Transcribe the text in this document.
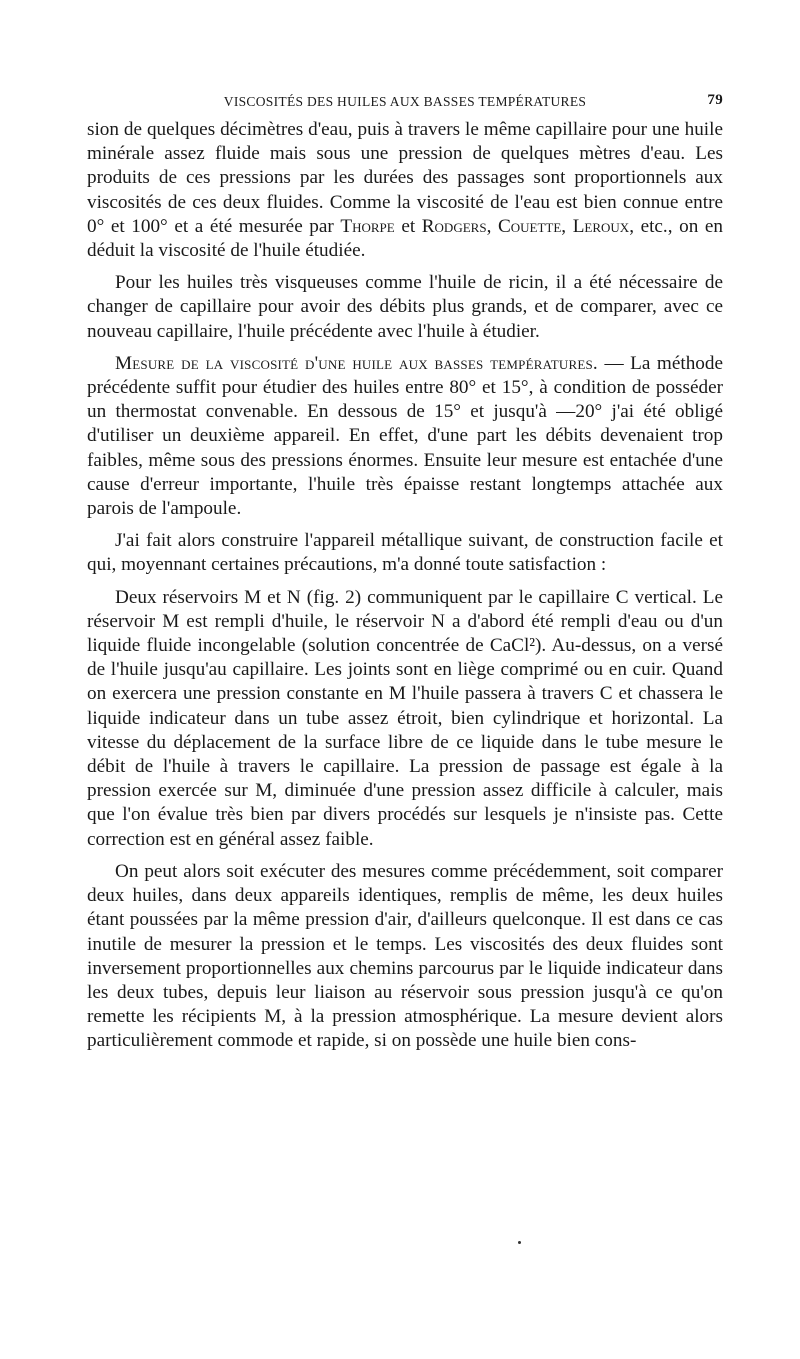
VISCOSITÉS DES HUILES AUX BASSES TEMPÉRATURES	79

sion de quelques décimètres d'eau, puis à travers le même capillaire pour une huile minérale assez fluide mais sous une pression de quelques mètres d'eau. Les produits de ces pressions par les durées des passages sont proportionnels aux viscosités de ces deux fluides. Comme la viscosité de l'eau est bien connue entre 0° et 100° et a été mesurée par Thorpe et Rodgers, Couette, Leroux, etc., on en déduit la viscosité de l'huile étudiée.

Pour les huiles très visqueuses comme l'huile de ricin, il a été nécessaire de changer de capillaire pour avoir des débits plus grands, et de comparer, avec ce nouveau capillaire, l'huile précédente avec l'huile à étudier.

Mesure de la viscosité d'une huile aux basses températures. — La méthode précédente suffit pour étudier des huiles entre 80° et 15°, à condition de posséder un thermostat convenable. En dessous de 15° et jusqu'à —20° j'ai été obligé d'utiliser un deuxième appareil. En effet, d'une part les débits devenaient trop faibles, même sous des pressions énormes. Ensuite leur mesure est entachée d'une cause d'erreur importante, l'huile très épaisse restant longtemps attachée aux parois de l'ampoule.

J'ai fait alors construire l'appareil métallique suivant, de construction facile et qui, moyennant certaines précautions, m'a donné toute satisfaction :

Deux réservoirs M et N (fig. 2) communiquent par le capillaire C vertical. Le réservoir M est rempli d'huile, le réservoir N a d'abord été rempli d'eau ou d'un liquide fluide incongelable (solution concentrée de CaCl²). Au-dessus, on a versé de l'huile jusqu'au capillaire. Les joints sont en liège comprimé ou en cuir. Quand on exercera une pression constante en M l'huile passera à travers C et chassera le liquide indicateur dans un tube assez étroit, bien cylindrique et horizontal. La vitesse du déplacement de la surface libre de ce liquide dans le tube mesure le débit de l'huile à travers le capillaire. La pression de passage est égale à la pression exercée sur M, diminuée d'une pression assez difficile à calculer, mais que l'on évalue très bien par divers procédés sur lesquels je n'insiste pas. Cette correction est en général assez faible.

On peut alors soit exécuter des mesures comme précédemment, soit comparer deux huiles, dans deux appareils identiques, remplis de même, les deux huiles étant poussées par la même pression d'air, d'ailleurs quelconque. Il est dans ce cas inutile de mesurer la pression et le temps. Les viscosités des deux fluides sont inversement proportionnelles aux chemins parcourus par le liquide indicateur dans les deux tubes, depuis leur liaison au réservoir sous pression jusqu'à ce qu'on remette les récipients M, à la pression atmosphérique. La mesure devient alors particulièrement commode et rapide, si on possède une huile bien cons-
